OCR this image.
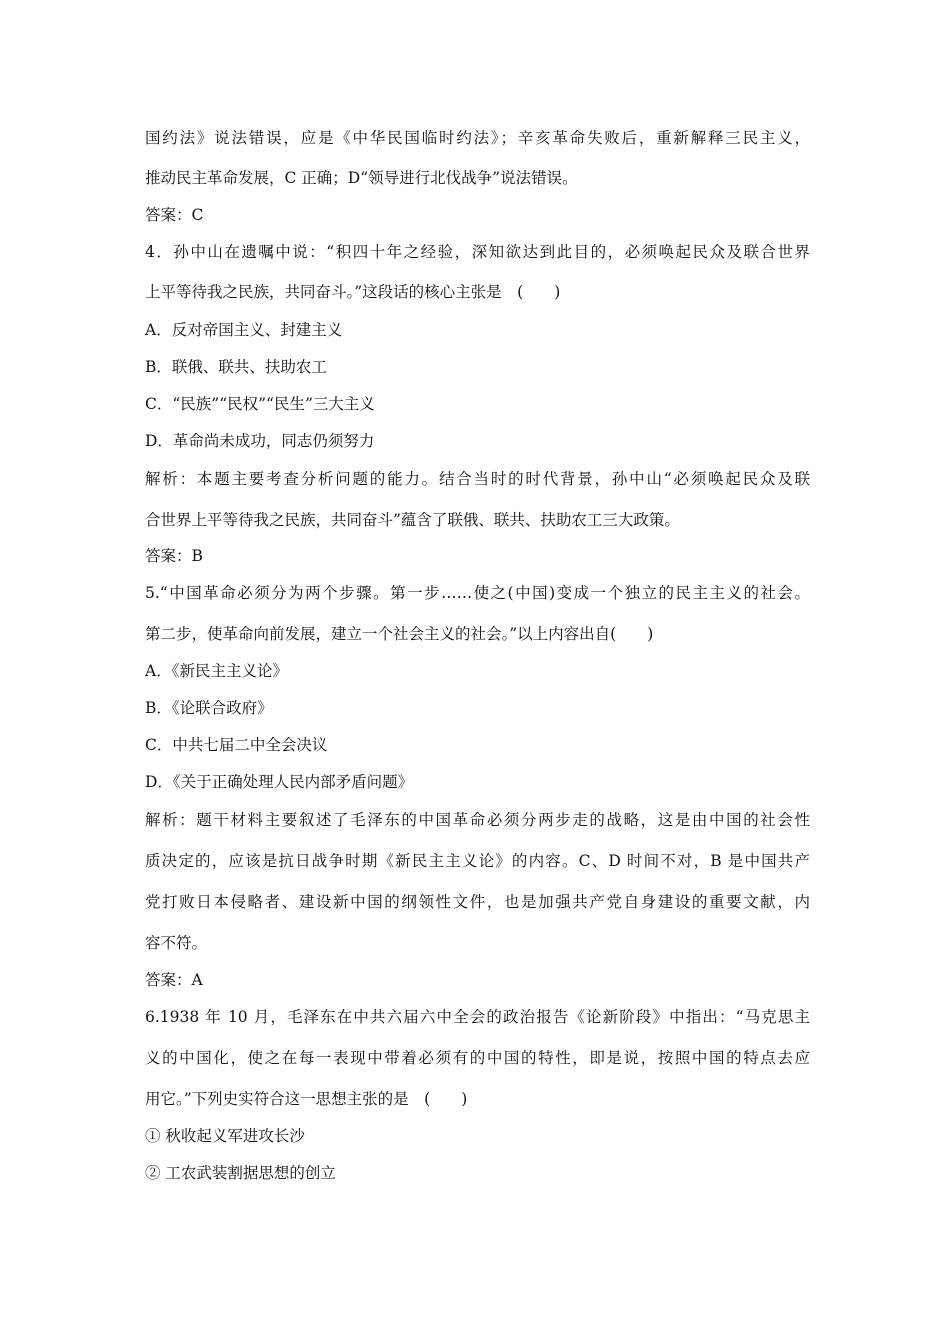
国约法》说法错误，应是《中华民国临时约法》；辛亥革命失败后，重新解释三民主义，
推动民主革命发展，C 正确；D“领导进行北伐战争”说法错误。
答案：C
4．孙中山在遗嘱中说：“积四十年之经验，深知欲达到此目的，必须唤起民众及联合世界
上平等待我之民族，共同奋斗。”这段话的核心主张是　(　　)
A．反对帝国主义、封建主义
B．联俄、联共、扶助农工
C．“民族”“民权”“民生”三大主义
D．革命尚未成功，同志仍须努力
解析：本题主要考查分析问题的能力。结合当时的时代背景，孙中山“必须唤起民众及联
合世界上平等待我之民族，共同奋斗”蕴含了联俄、联共、扶助农工三大政策。
答案：B
5.“中国革命必须分为两个步骤。第一步……使之(中国)变成一个独立的民主主义的社会。
第二步，使革命向前发展，建立一个社会主义的社会。”以上内容出自(　　)
A．《新民主主义论》
B．《论联合政府》
C．中共七届二中全会决议
D．《关于正确处理人民内部矛盾问题》
解析：题干材料主要叙述了毛泽东的中国革命必须分两步走的战略，这是由中国的社会性
质决定的，应该是抗日战争时期《新民主主义论》的内容。C、D 时间不对，B 是中国共产
党打败日本侵略者、建设新中国的纲领性文件，也是加强共产党自身建设的重要文献，内
容不符。
答案：A
6.1938 年 10 月，毛泽东在中共六届六中全会的政治报告《论新阶段》中指出：“马克思主
义的中国化，使之在每一表现中带着必须有的中国的特性，即是说，按照中国的特点去应
用它。”下列史实符合这一思想主张的是　(　　)
① 秋收起义军进攻长沙
② 工农武装割据思想的创立
